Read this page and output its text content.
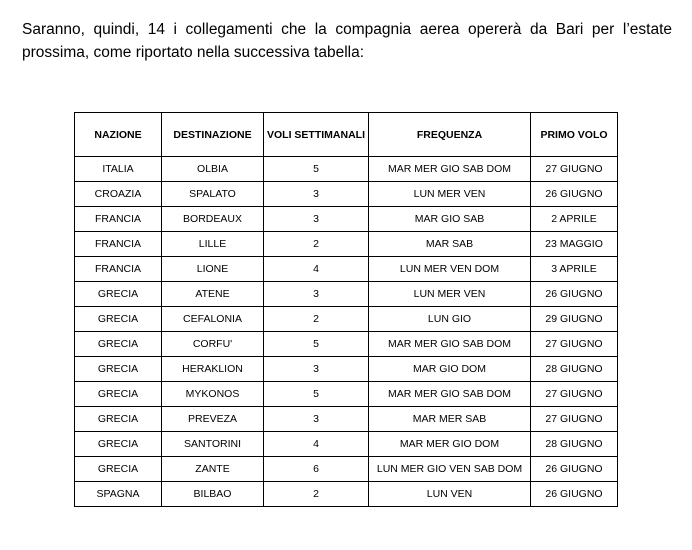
Saranno, quindi, 14 i collegamenti che la compagnia aerea opererà da Bari per l’estate prossima, come riportato nella successiva tabella:

NAZIONE	DESTINAZIONE	VOLI SETTIMANALI	FREQUENZA	PRIMO VOLO
ITALIA	OLBIA	5	MAR MER GIO SAB DOM	27 GIUGNO
CROAZIA	SPALATO	3	LUN MER VEN	26 GIUGNO
FRANCIA	BORDEAUX	3	MAR GIO SAB	2 APRILE
FRANCIA	LILLE	2	MAR SAB	23 MAGGIO
FRANCIA	LIONE	4	LUN MER VEN DOM	3 APRILE
GRECIA	ATENE	3	LUN MER VEN	26 GIUGNO
GRECIA	CEFALONIA	2	LUN GIO	29 GIUGNO
GRECIA	CORFU'	5	MAR MER GIO SAB DOM	27 GIUGNO
GRECIA	HERAKLION	3	MAR GIO DOM	28 GIUGNO
GRECIA	MYKONOS	5	MAR MER GIO SAB DOM	27 GIUGNO
GRECIA	PREVEZA	3	MAR MER SAB	27 GIUGNO
GRECIA	SANTORINI	4	MAR MER GIO DOM	28 GIUGNO
GRECIA	ZANTE	6	LUN MER GIO VEN SAB DOM	26 GIUGNO
SPAGNA	BILBAO	2	LUN VEN	26 GIUGNO
